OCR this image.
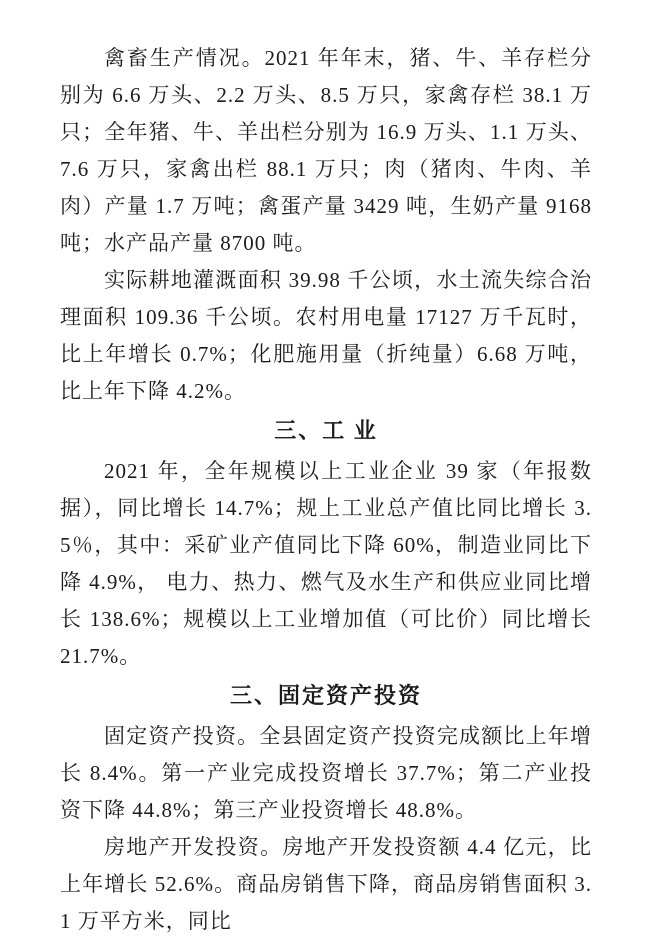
禽畜生产情况。2021 年年末，猪、牛、羊存栏分别为 6.6 万头、2.2 万头、8.5 万只，家禽存栏 38.1 万只；全年猪、牛、羊出栏分别为 16.9 万头、1.1 万头、7.6 万只，家禽出栏 88.1 万只；肉（猪肉、牛肉、羊肉）产量 1.7 万吨；禽蛋产量 3429 吨，生奶产量 9168 吨；水产品产量 8700 吨。

实际耕地灌溉面积 39.98 千公顷，水土流失综合治理面积 109.36 千公顷。农村用电量 17127 万千瓦时，比上年增长 0.7%；化肥施用量（折纯量）6.68 万吨，比上年下降 4.2%。

三、工 业

2021 年，全年规模以上工业企业 39 家（年报数据），同比增长 14.7%；规上工业总产值比同比增长 3.5％，其中：采矿业产值同比下降 60%，制造业同比下降 4.9%， 电力、热力、燃气及水生产和供应业同比增长 138.6%；规模以上工业增加值（可比价）同比增长 21.7%。

三、固定资产投资

固定资产投资。全县固定资产投资完成额比上年增长 8.4%。第一产业完成投资增长 37.7%；第二产业投资下降 44.8%；第三产业投资增长 48.8%。

房地产开发投资。房地产开发投资额 4.4 亿元，比上年增长 52.6%。商品房销售下降，商品房销售面积 3.1 万平方米，同比
